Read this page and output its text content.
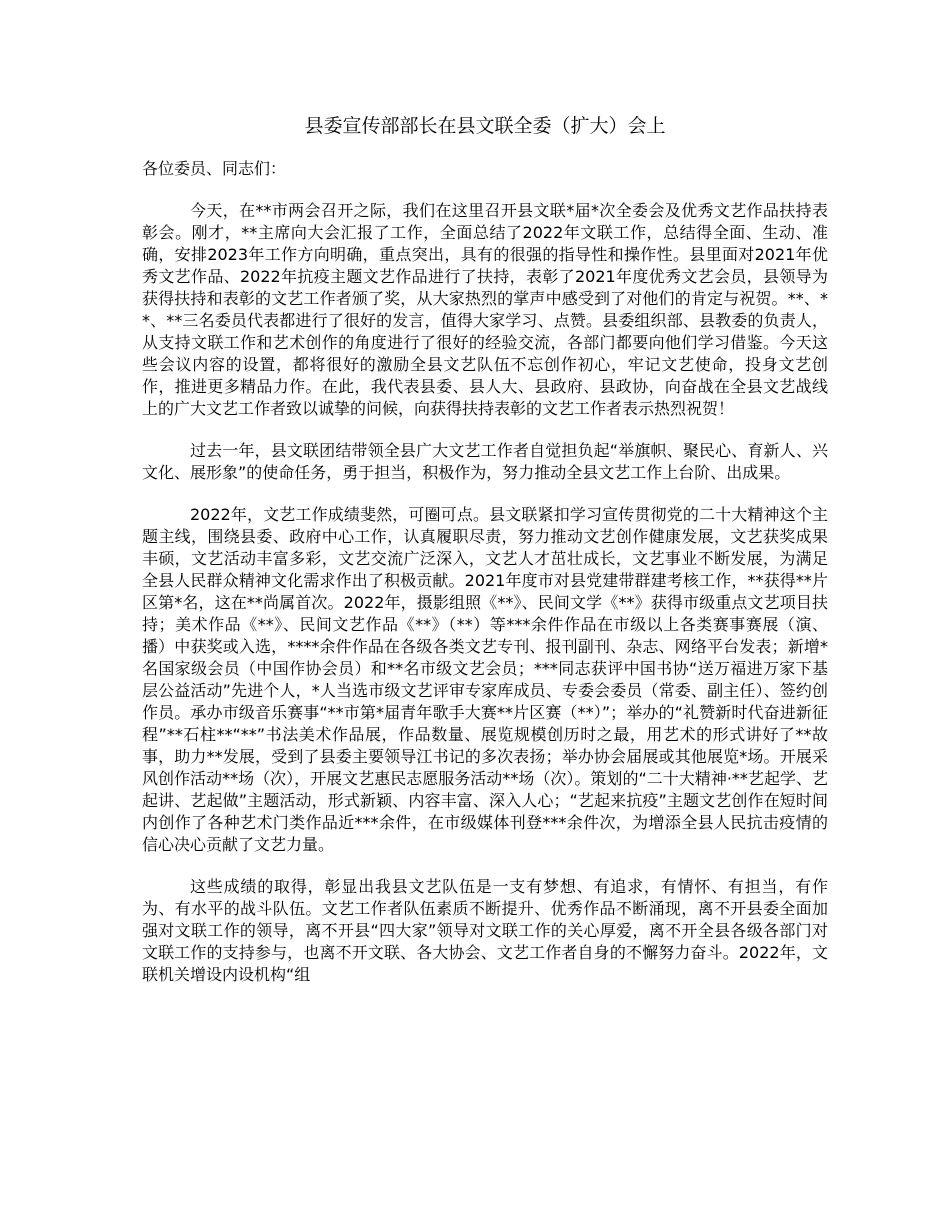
县委宣传部部长在县文联全委（扩大）会上

各位委员、同志们：

今天，在**市两会召开之际，我们在这里召开县文联*届*次全委会及优秀文艺作品扶持表彰会。刚才，**主席向大会汇报了工作，全面总结了2022年文联工作，总结得全面、生动、准确，安排2023年工作方向明确，重点突出，具有的很强的指导性和操作性。县里面对2021年优秀文艺作品、2022年抗疫主题文艺作品进行了扶持，表彰了2021年度优秀文艺会员，县领导为获得扶持和表彰的文艺工作者颁了奖，从大家热烈的掌声中感受到了对他们的肯定与祝贺。**、**、**三名委员代表都进行了很好的发言，值得大家学习、点赞。县委组织部、县教委的负责人，从支持文联工作和艺术创作的角度进行了很好的经验交流，各部门都要向他们学习借鉴。今天这些会议内容的设置，都将很好的激励全县文艺队伍不忘创作初心，牢记文艺使命，投身文艺创作，推进更多精品力作。在此，我代表县委、县人大、县政府、县政协，向奋战在全县文艺战线上的广大文艺工作者致以诚挚的问候，向获得扶持表彰的文艺工作者表示热烈祝贺！

过去一年，县文联团结带领全县广大文艺工作者自觉担负起“举旗帜、聚民心、育新人、兴文化、展形象”的使命任务，勇于担当，积极作为，努力推动全县文艺工作上台阶、出成果。

2022年，文艺工作成绩斐然，可圈可点。县文联紧扣学习宣传贯彻党的二十大精神这个主题主线，围绕县委、政府中心工作，认真履职尽责，努力推动文艺创作健康发展，文艺获奖成果丰硕，文艺活动丰富多彩，文艺交流广泛深入，文艺人才茁壮成长，文艺事业不断发展，为满足全县人民群众精神文化需求作出了积极贡献。2021年度市对县党建带群建考核工作，**获得**片区第*名，这在**尚属首次。2022年，摄影组照《**》、民间文学《**》获得市级重点文艺项目扶持；美术作品《**》、民间文艺作品《**》（**）等***余件作品在市级以上各类赛事赛展（演、播）中获奖或入选，****余件作品在各级各类文艺专刊、报刊副刊、杂志、网络平台发表；新增*名国家级会员（中国作协会员）和**名市级文艺会员；***同志获评中国书协“送万福进万家下基层公益活动”先进个人，*人当选市级文艺评审专家库成员、专委会委员（常委、副主任）、签约创作员。承办市级音乐赛事“**市第*届青年歌手大赛**片区赛（**）”；举办的“礼赞新时代奋进新征程”**石柱**“**”书法美术作品展，作品数量、展览规模创历时之最，用艺术的形式讲好了**故事，助力**发展，受到了县委主要领导江书记的多次表扬；举办协会届展或其他展览*场。开展采风创作活动**场（次），开展文艺惠民志愿服务活动**场（次）。策划的“二十大精神·**艺起学、艺起讲、艺起做”主题活动，形式新颖、内容丰富、深入人心；“艺起来抗疫”主题文艺创作在短时间内创作了各种艺术门类作品近***余件，在市级媒体刊登***余件次，为增添全县人民抗击疫情的信心决心贡献了文艺力量。

这些成绩的取得，彰显出我县文艺队伍是一支有梦想、有追求，有情怀、有担当，有作为、有水平的战斗队伍。文艺工作者队伍素质不断提升、优秀作品不断涌现，离不开县委全面加强对文联工作的领导，离不开县“四大家”领导对文联工作的关心厚爱，离不开全县各级各部门对文联工作的支持参与，也离不开文联、各大协会、文艺工作者自身的不懈努力奋斗。2022年，文联机关增设内设机构“组
